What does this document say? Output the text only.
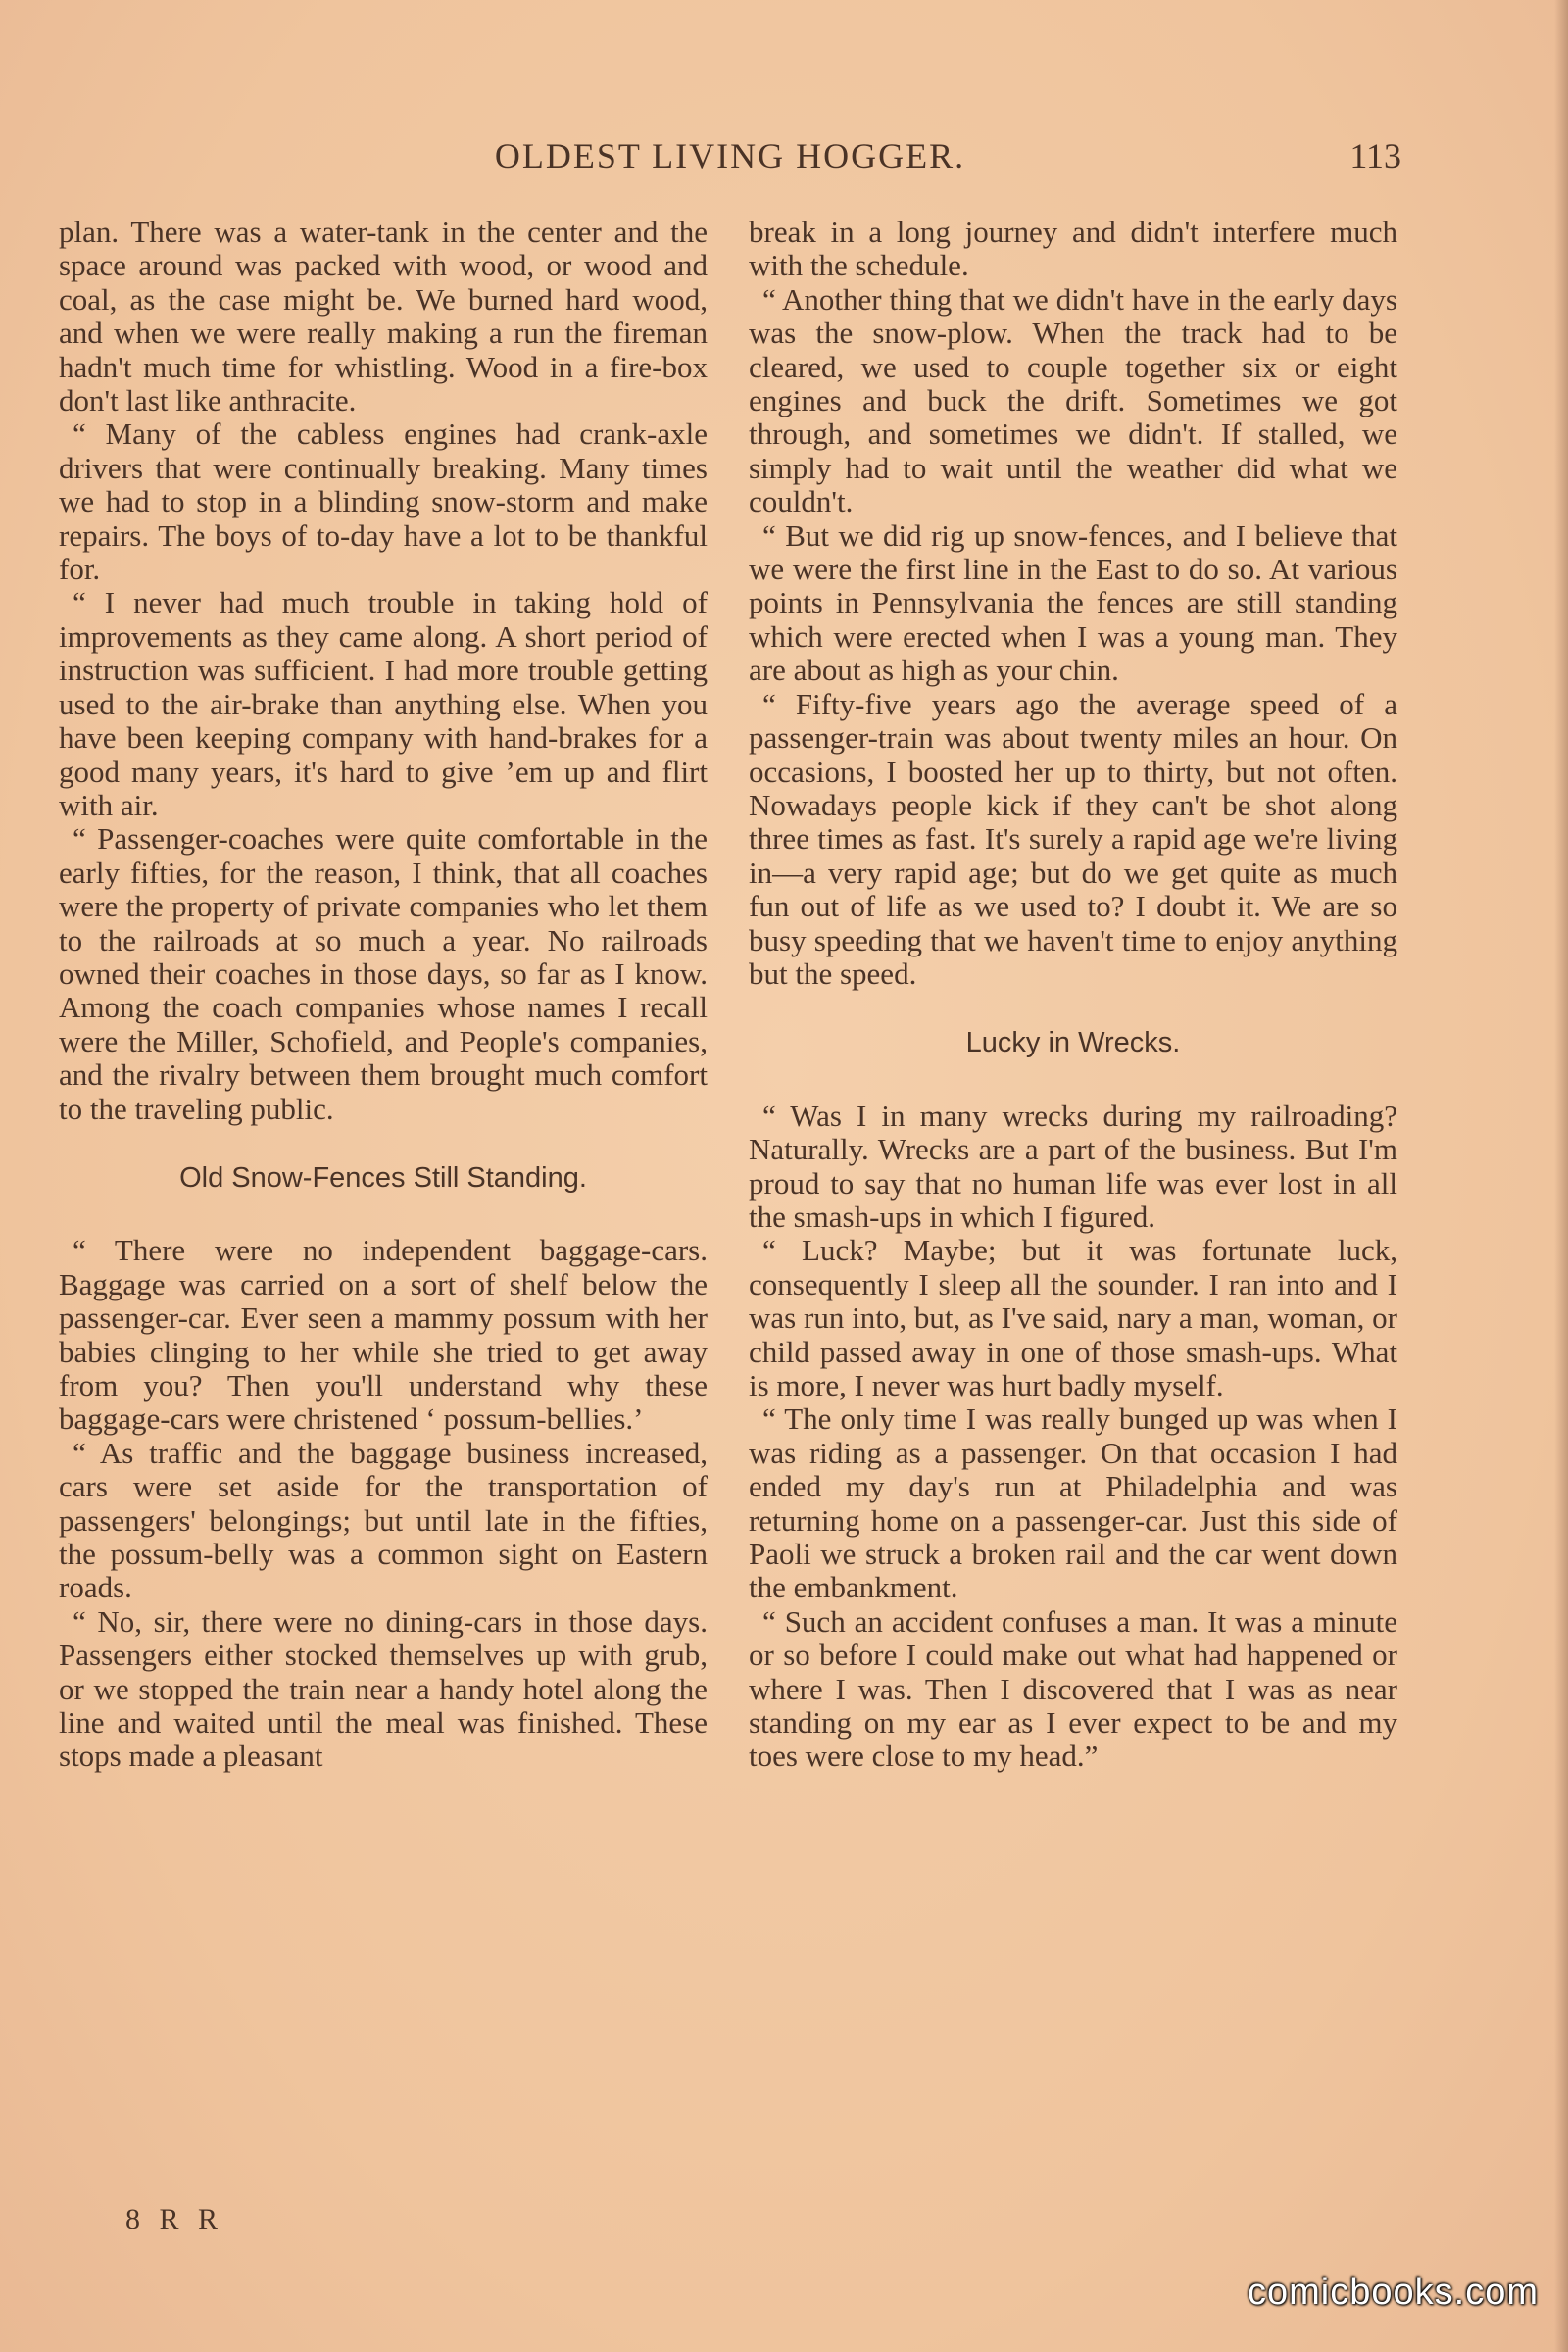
OLDEST LIVING HOGGER.	113

plan. There was a water-tank in the center and the space around was packed with wood, or wood and coal, as the case might be. We burned hard wood, and when we were really making a run the fireman hadn't much time for whistling. Wood in a fire-box don't last like anthracite.

“ Many of the cabless engines had crank-axle drivers that were continually breaking. Many times we had to stop in a blinding snow-storm and make repairs. The boys of to-day have a lot to be thankful for.

“ I never had much trouble in taking hold of improvements as they came along. A short period of instruction was sufficient. I had more trouble getting used to the air-brake than anything else. When you have been keeping company with hand-brakes for a good many years, it's hard to give ’em up and flirt with air.

“ Passenger-coaches were quite comfortable in the early fifties, for the reason, I think, that all coaches were the property of private companies who let them to the railroads at so much a year. No railroads owned their coaches in those days, so far as I know. Among the coach companies whose names I recall were the Miller, Schofield, and People's companies, and the rivalry between them brought much comfort to the traveling public.

Old Snow-Fences Still Standing.

“ There were no independent baggage-cars. Baggage was carried on a sort of shelf below the passenger-car. Ever seen a mammy possum with her babies clinging to her while she tried to get away from you? Then you'll understand why these baggage-cars were christened ‘ possum-bellies.’

“ As traffic and the baggage business increased, cars were set aside for the transportation of passengers' belongings; but until late in the fifties, the possum-belly was a common sight on Eastern roads.

“ No, sir, there were no dining-cars in those days. Passengers either stocked themselves up with grub, or we stopped the train near a handy hotel along the line and waited until the meal was finished. These stops made a pleasant

break in a long journey and didn't interfere much with the schedule.

“ Another thing that we didn't have in the early days was the snow-plow. When the track had to be cleared, we used to couple together six or eight engines and buck the drift. Sometimes we got through, and sometimes we didn't. If stalled, we simply had to wait until the weather did what we couldn't.

“ But we did rig up snow-fences, and I believe that we were the first line in the East to do so. At various points in Pennsylvania the fences are still standing which were erected when I was a young man. They are about as high as your chin.

“ Fifty-five years ago the average speed of a passenger-train was about twenty miles an hour. On occasions, I boosted her up to thirty, but not often. Nowadays people kick if they can't be shot along three times as fast. It's surely a rapid age we're living in—a very rapid age; but do we get quite as much fun out of life as we used to? I doubt it. We are so busy speeding that we haven't time to enjoy anything but the speed.

Lucky in Wrecks.

“ Was I in many wrecks during my railroading? Naturally. Wrecks are a part of the business. But I'm proud to say that no human life was ever lost in all the smash-ups in which I figured.

“ Luck? Maybe; but it was fortunate luck, consequently I sleep all the sounder. I ran into and I was run into, but, as I've said, nary a man, woman, or child passed away in one of those smash-ups. What is more, I never was hurt badly myself.

“ The only time I was really bunged up was when I was riding as a passenger. On that occasion I had ended my day's run at Philadelphia and was returning home on a passenger-car. Just this side of Paoli we struck a broken rail and the car went down the embankment.

“ Such an accident confuses a man. It was a minute or so before I could make out what had happened or where I was. Then I discovered that I was as near standing on my ear as I ever expect to be and my toes were close to my head.”

8 R R
comicbooks.com
